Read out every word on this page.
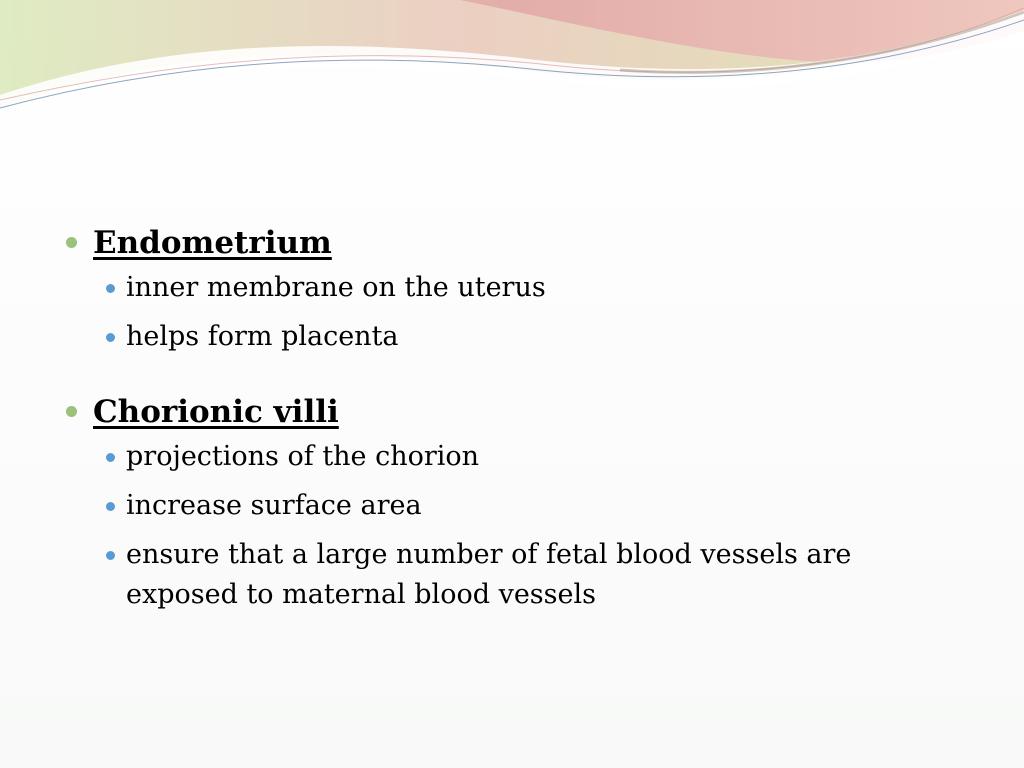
Endometrium
inner membrane on the uterus
helps form placenta
Chorionic villi
projections of the chorion
increase surface area
ensure that a large number of fetal blood vessels are exposed to maternal blood vessels
